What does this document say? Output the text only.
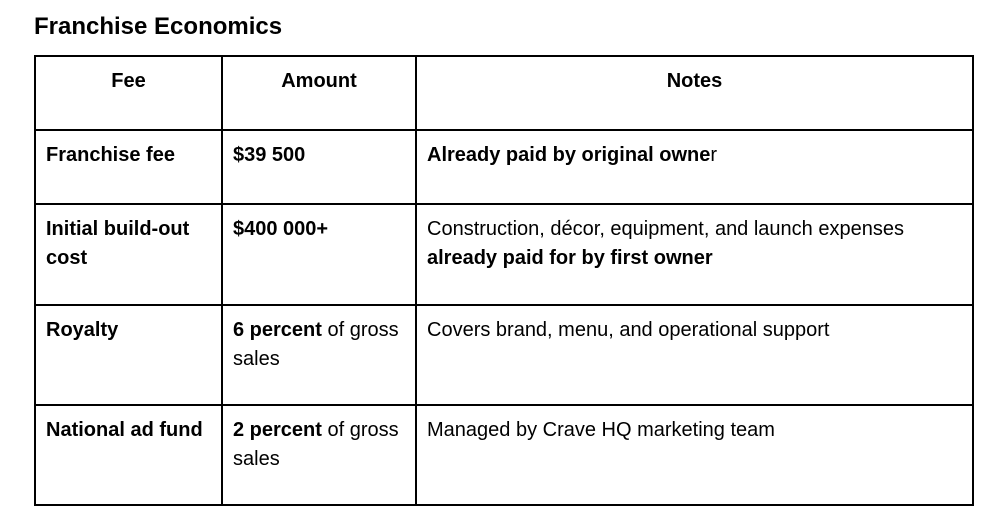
Franchise Economics
Fee	Amount	Notes
Franchise fee	$39 500	Already paid by original owner
Initial build-out cost	$400 000+	Construction, décor, equipment, and launch expenses already paid for by first owner
Royalty	6 percent of gross sales	Covers brand, menu, and operational support
National ad fund	2 percent of gross sales	Managed by Crave HQ marketing team
